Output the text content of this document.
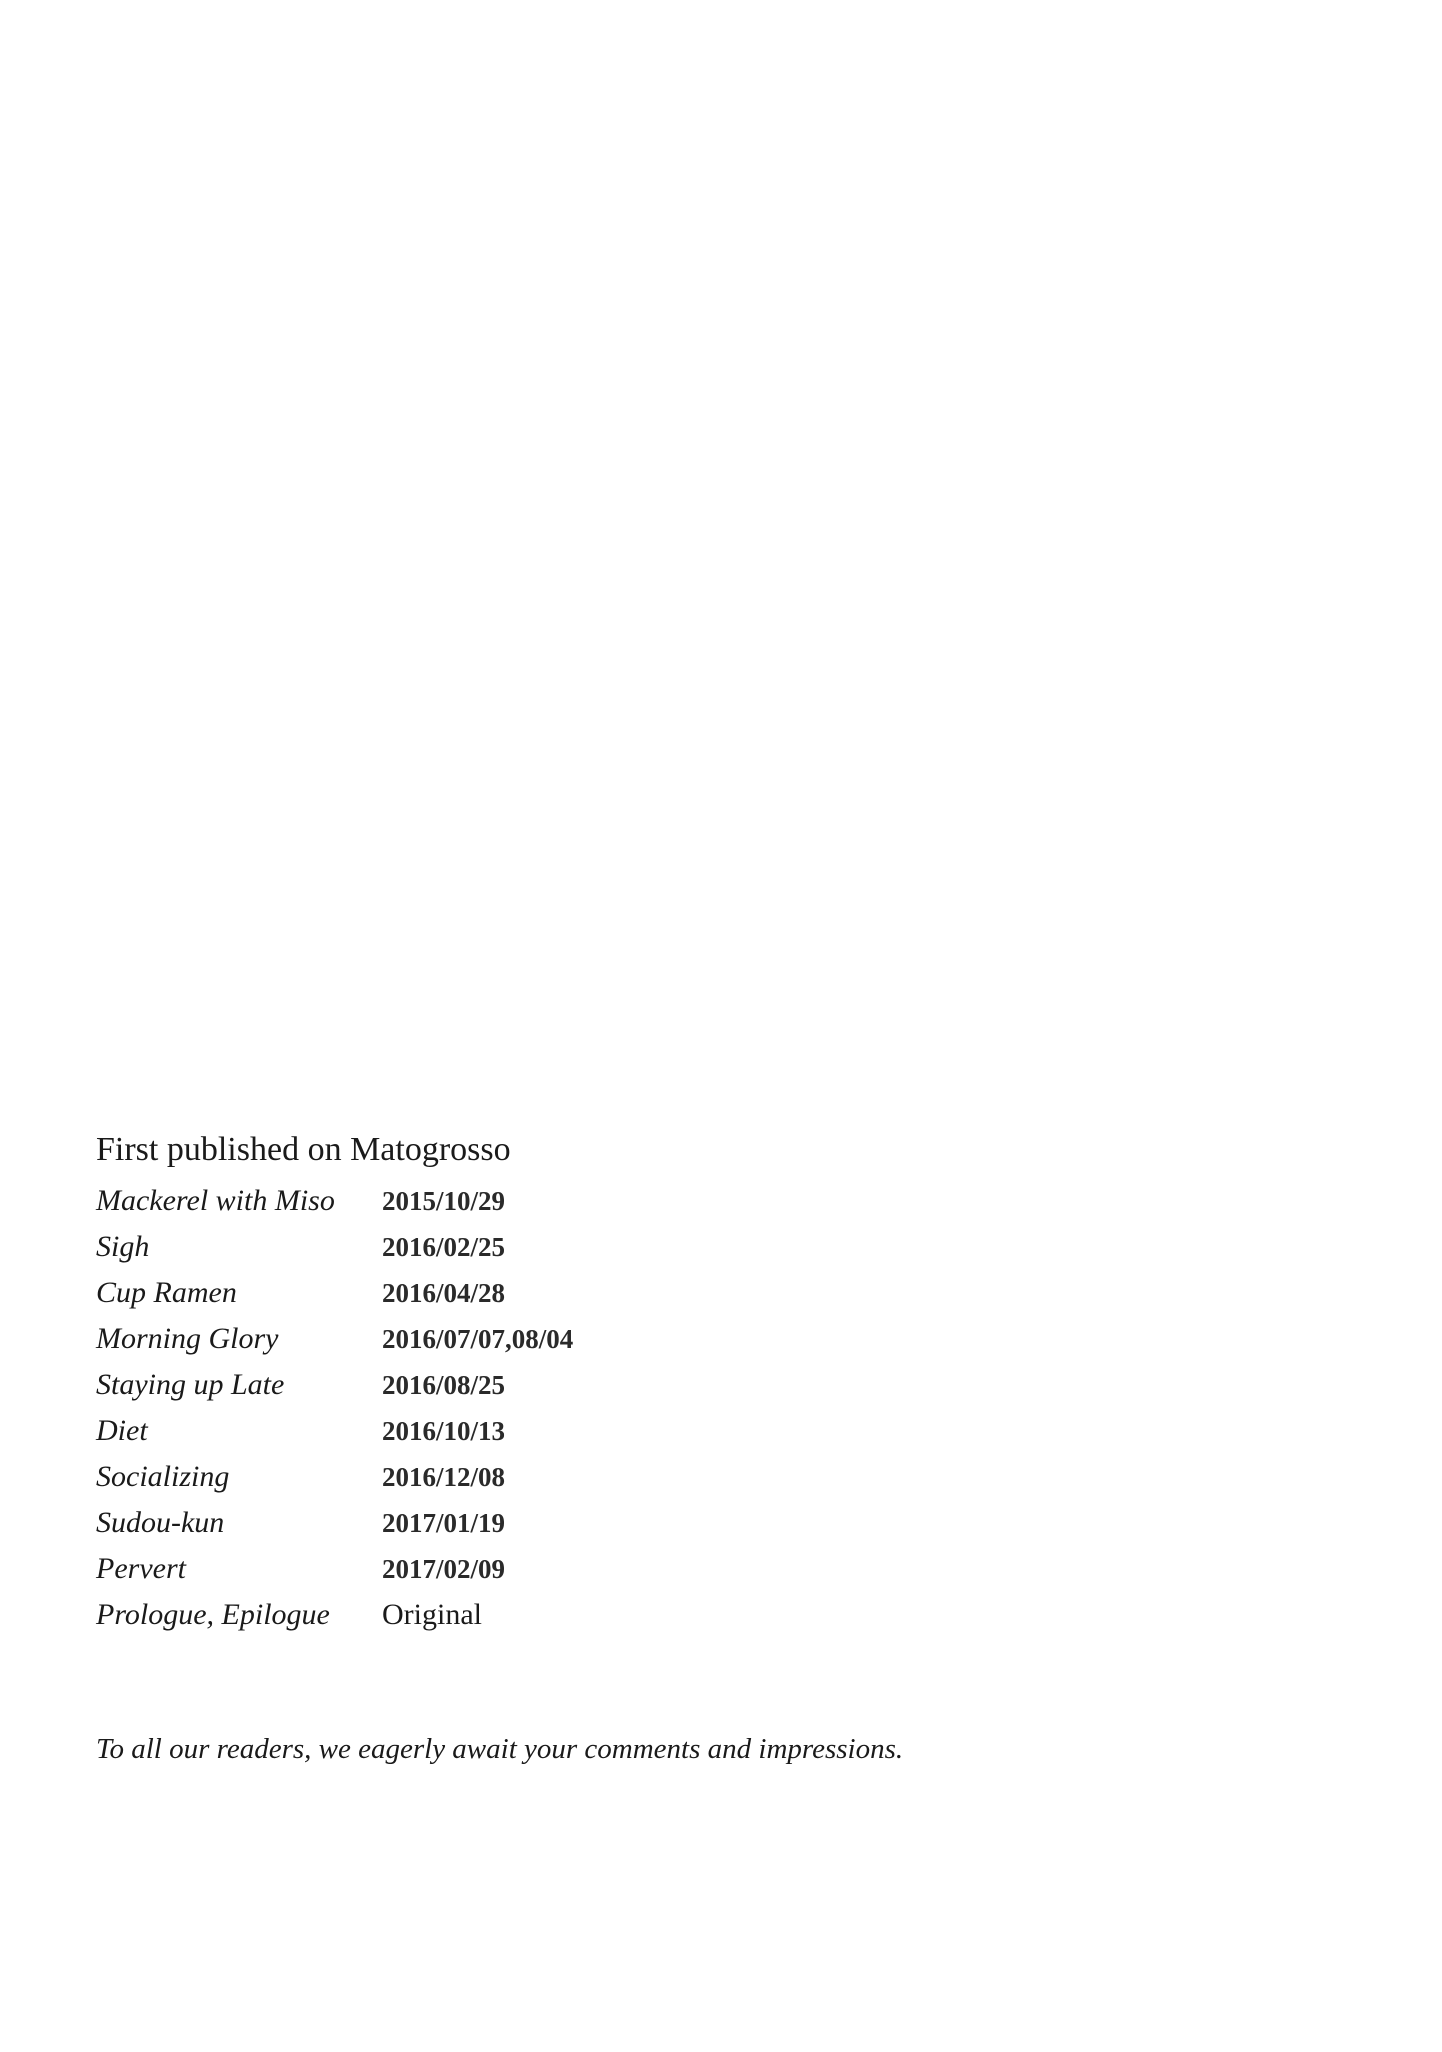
First published on Matogrosso
Mackerel with Miso	2015/10/29
Sigh	2016/02/25
Cup Ramen	2016/04/28
Morning Glory	2016/07/07,08/04
Staying up Late	2016/08/25
Diet	2016/10/13
Socializing	2016/12/08
Sudou-kun	2017/01/19
Pervert	2017/02/09
Prologue, Epilogue	Original

To all our readers, we eagerly await your comments and impressions.
